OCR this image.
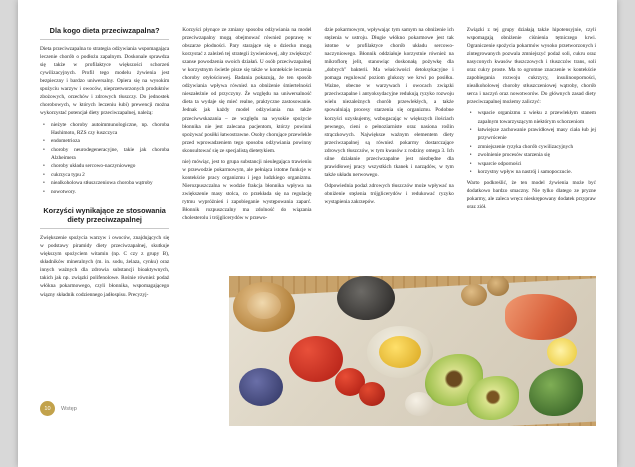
Dla kogo dieta przeciwzapalna?

Dieta przeciwzapalna to strategia odżywiania wspomagająca leczenie chorób o podłożu zapalnym. Doskonale sprawdza się także w profilaktyce większości schorzeń cywilizacyjnych. Profil tego modelu żywienia jest bezpieczny i bardzo uniwersalny. Opiera się na wysokim spożyciu warzyw i owoców, nieprzetworzonych produktów zbożowych, orzechów i zdrowych tłuszczy. Do jednostek chorobowych, w których leczeniu łubi) prewencji można wykorzystać potencjał diety przeciwzapalnej, należą:

• nieżyte choroby autoimmunologiczne, np. choroba Hashimoto, RZS czy łuszczyca
• endometrioza
• choroby neurodegeneracyjne, takie jak choroba Alzheimera
• choroby układu sercowo-naczyniowego
• cukrzyca typu 2
• niealkoholowa stłuszczeniowa choroba wątroby
• nowotwory.
Korzyści wynikające ze stosowania diety przeciwzapalnej

Zwiększenie spożycia warzyw i owoców, znajdujących się w podstawy piramidy diety przeciwzapalnej, skutkuje większym spożyciem witamin (np. C czy z grupy B), składników mineralnych (m. in. sodu, żelaza, cynku) oraz innych ważnych dla zdrowia substancji bioaktywnych, takich jak np. związki polifenolowe. Rośnie również podaż włókna pokarmowego, czyli błonnika, wspomagającego wiązny składnik codziennego jadłospisu. Precyzyj-

Korzyści płynące ze zmiany sposobu odżywiania na model przeciwzapalny mogą obejmować również poprawę w obszarze płodności. Pary starające się o dziecko mogą korzystać z zależeń tej strategii żywieniowej, aby zwiększyć szanse powodzenia swoich działań. U osób przeciwzapalnej w korzystnym świetle pisze się także w kontekście leczenia choroby otyłościowej. Badania pokazują, że ten sposób odżywiania wpływa również na obniżenie śmiertelności nieszałeżnie od przyczyny. Że względu na uniwersalność dieta ta wydaje się mieć realne, praktyczne zastosowanie. Jednak jak każdy model odżywiania ma także przeciwwskazania – ze względu na wysokie spożycie błonnika nie jest zalecana pacjentom, którzy powinni spożywać posiłki łatwostrawne. Osoby chorujące przewlekle przed wprowadzeniem tego sposobu odżywiania powinny skonsultować się ze specjalistą dietetykiem.

nie) mówiąc, jest to grupa substancji nieulegająca trawieniu w przewodzie pokarmowym, ale pełniąca istotne funkcje w kontekście pracy organizmu i jego ludzkiego organizmu. Nierozpuszczalna w wodzie frakcja błonnika wpływa na zwiększenie masy stolca, co przekłada się na regulację rytmu wypróżnień i zapobieganie występowania zaparć. Błonnik rozpuszczalny ma zdolność do wiązania cholesterolu i trójglicerydów w przewo-

dzie pokarmowym, wpływając tym samym na obniżenie ich stężenia w ustroju. Długie włókno pokarmowe jest tak istotne w profilaktyce chorób układu sercowo-naczyniowego. Błonnik oddziałuje korzystnie również na mikroflorę jelit, stanowiąc doskonałą pożywkę dla „dobrych" bakterii. Ma właściwości detoksykacyjne i pomaga regulować poziom glukozy we krwi po posiłku. Ważne, obecne w warzywach i owocach związki przeciwzapalne i antyoksydacyjne redukują ryzyko rozwoju wielu niezależnych chorób przewlekłych, a także spowalniają procesy starzenia się organizmu. Podobne korzyści uzyskujemy, wzbogacając w większych ilościach pewnego, cieni o pełnoziarniste oraz nasiona roślin strączkowych. Największe ważnym elementem diety przeciwzapalnej są również pokarmy dostarczające zdrowych tłuszczów, w tym kwasów z rodziny omega 3. Ich silne działanie przeciwzapalne jest niezbędne dla prawidłowej pracy wszystkich tkanek i narządów, w tym także układu nerwowego.

Odpowiednia podaż zdrowych tłuszczów może wpływać na obniżenie stężenia trójglicerydów i redukować ryzyko wystąpienia zakrzepów.

Związki z tej grupy działają także hipotensyjnie, czyli wspomagają obniżenie ciśnienia tętniczego krwi. Ograniczenie spożycia pokarmów wysoko przetworzonych i zintegrowanych pozwala zmniejszyć podaż soli, cukru oraz nasyconych kwasów tłuszczowych i tłuszczów trans, soli oraz cukry proste. Ma to ogromne znaczenie w kontekście zapobiegania rozwoju cukrzycy, insulinooporności, niealkoholowej choroby stłuszczeniowej wątroby, chorób serca i naczyń oraz nowotworów. Do głównych zasad diety przeciwzapalnej możemy zaliczyć:

• wspacie organizmu z wieku z przewlekłym stanem zapalnym towarzyszącym niektórym schorzeniom
• łatwiejsze zachowanie prawidłowej masy ciała łub jej przywrócenie
• zmniejszenie ryzyka chorób cywilizacyjnych
• zwolnienie procesów starzenia się
• wsparcie odporności
• korzystny wpływ na nastrój i samopoczucie.

Warto podkreślić, że ten model żywienia może być dodatkowo bardzo smaczny. Nie tylko dlatego ze pryzne pokarmy, ale zaleca wręcz nieskrępowany dodatek przypraw oraz ziół.

10	Wstęp
